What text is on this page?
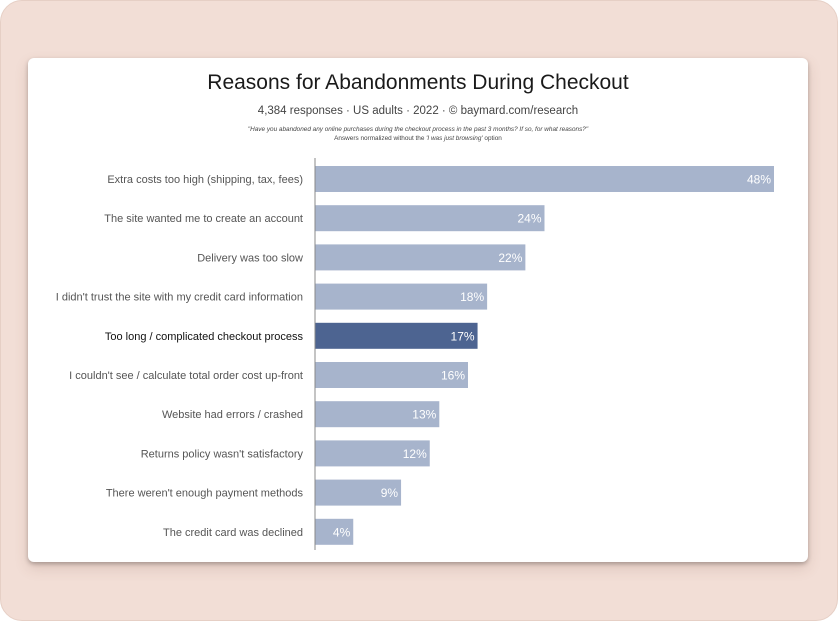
Reasons for Abandonments During Checkout
4,384 responses · US adults · 2022 · © baymard.com/research
"Have you abandoned any online purchases during the checkout process in the past 3 months? If so, for what reasons?"
Answers normalized without the 'I was just browsing' option
Extra costs too high (shipping, tax, fees)	48%
The site wanted me to create an account	24%
Delivery was too slow	22%
I didn't trust the site with my credit card information	18%
Too long / complicated checkout process	17%
I couldn't see / calculate total order cost up-front	16%
Website had errors / crashed	13%
Returns policy wasn't satisfactory	12%
There weren't enough payment methods	9%
The credit card was declined 4%
